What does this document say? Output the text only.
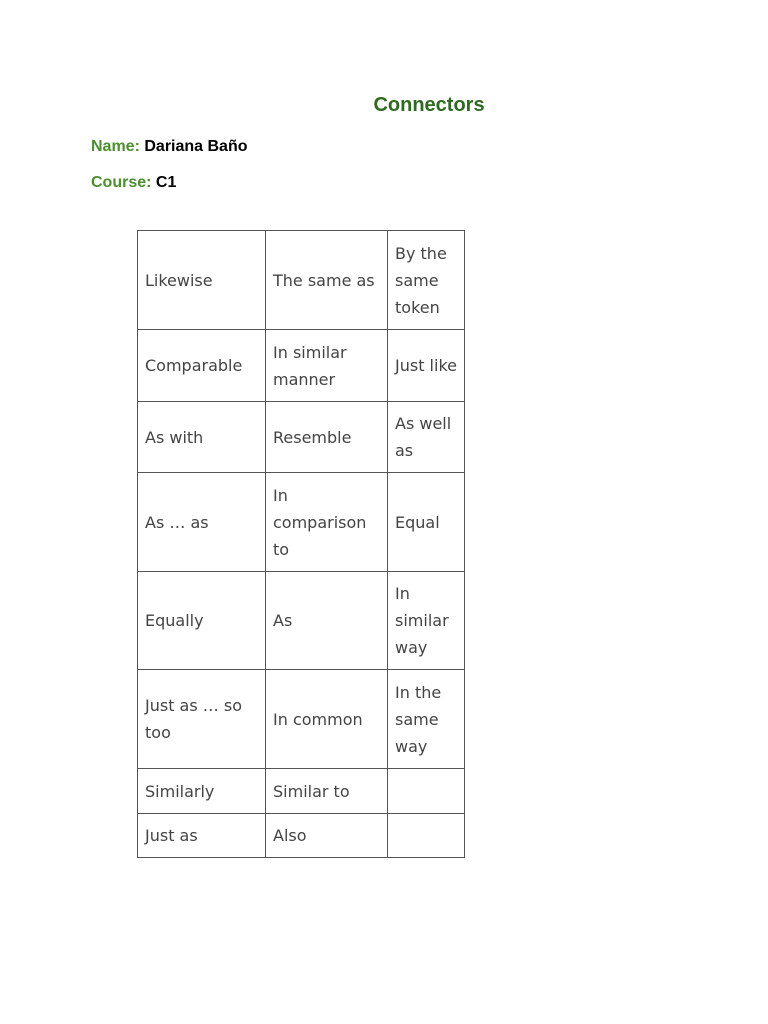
Connectors
Name: Dariana Baño
Course: C1
Likewise	The same as	By the same token
Comparable	In similar manner	Just like
As with	Resemble	As well as
As … as	In comparison to	Equal
Equally	As	In similar way
Just as … so too	In common	In the same way
Similarly	Similar to	
Just as	Also	
